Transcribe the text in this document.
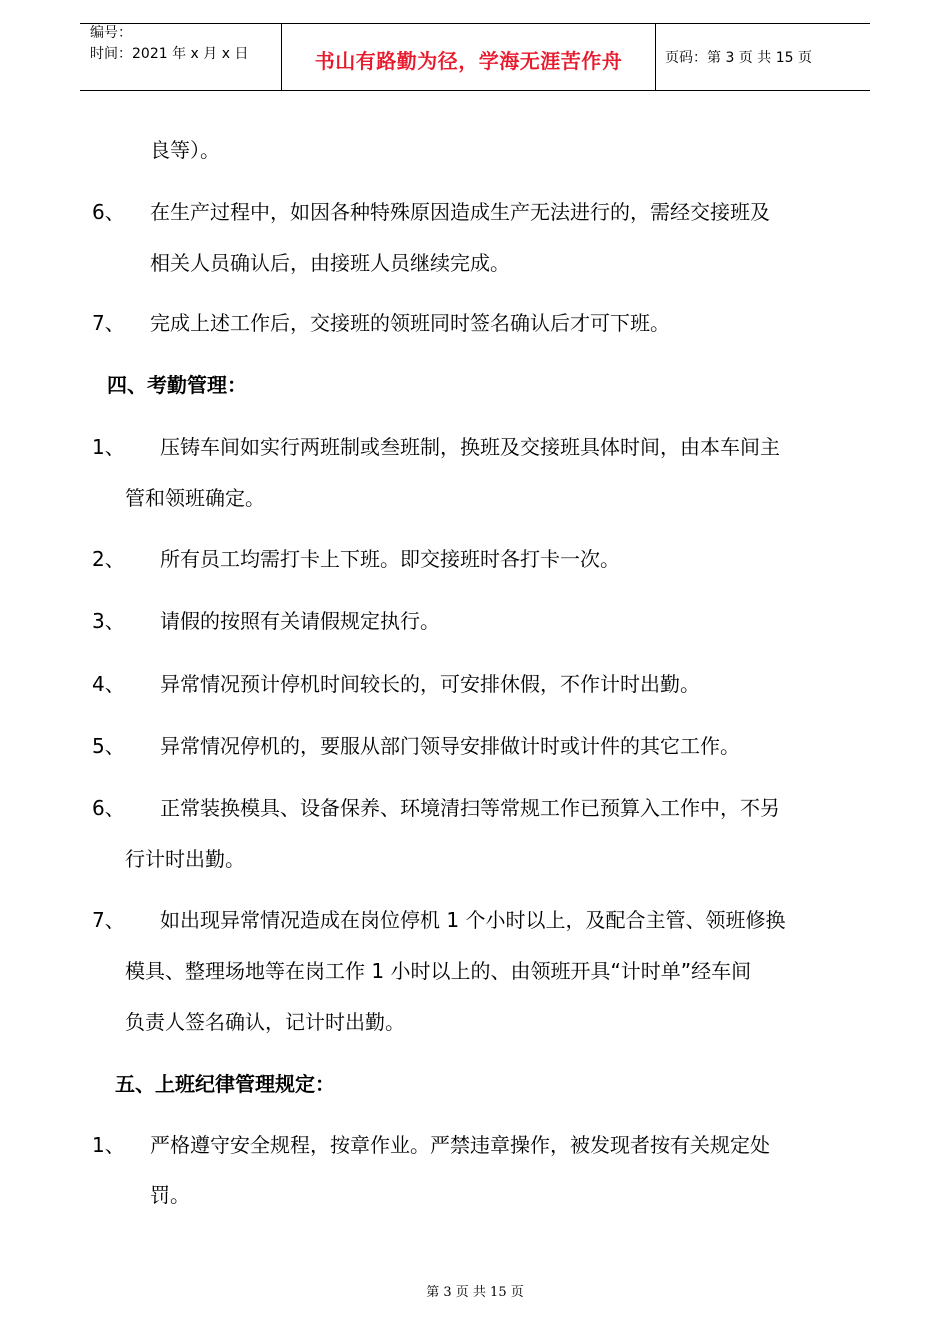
编号：
时间：2021 年 x 月 x 日	书山有路勤为径，学海无涯苦作舟	页码：第 3 页 共 15 页
良等）。
6、 在生产过程中，如因各种特殊原因造成生产无法进行的，需经交接班及
相关人员确认后，由接班人员继续完成。
7、 完成上述工作后，交接班的领班同时签名确认后才可下班。
四、考勤管理：
1、 压铸车间如实行两班制或叁班制，换班及交接班具体时间，由本车间主
管和领班确定。
2、 所有员工均需打卡上下班。即交接班时各打卡一次。
3、 请假的按照有关请假规定执行。
4、 异常情况预计停机时间较长的，可安排休假，不作计时出勤。
5、 异常情况停机的，要服从部门领导安排做计时或计件的其它工作。
6、 正常装换模具、设备保养、环境清扫等常规工作已预算入工作中，不另
行计时出勤。
7、 如出现异常情况造成在岗位停机 1 个小时以上，及配合主管、领班修换
模具、整理场地等在岗工作 1 小时以上的、由领班开具“计时单”经车间
负责人签名确认，记计时出勤。
五、上班纪律管理规定：
1、 严格遵守安全规程，按章作业。严禁违章操作，被发现者按有关规定处
罚。
第 3 页 共 15 页
